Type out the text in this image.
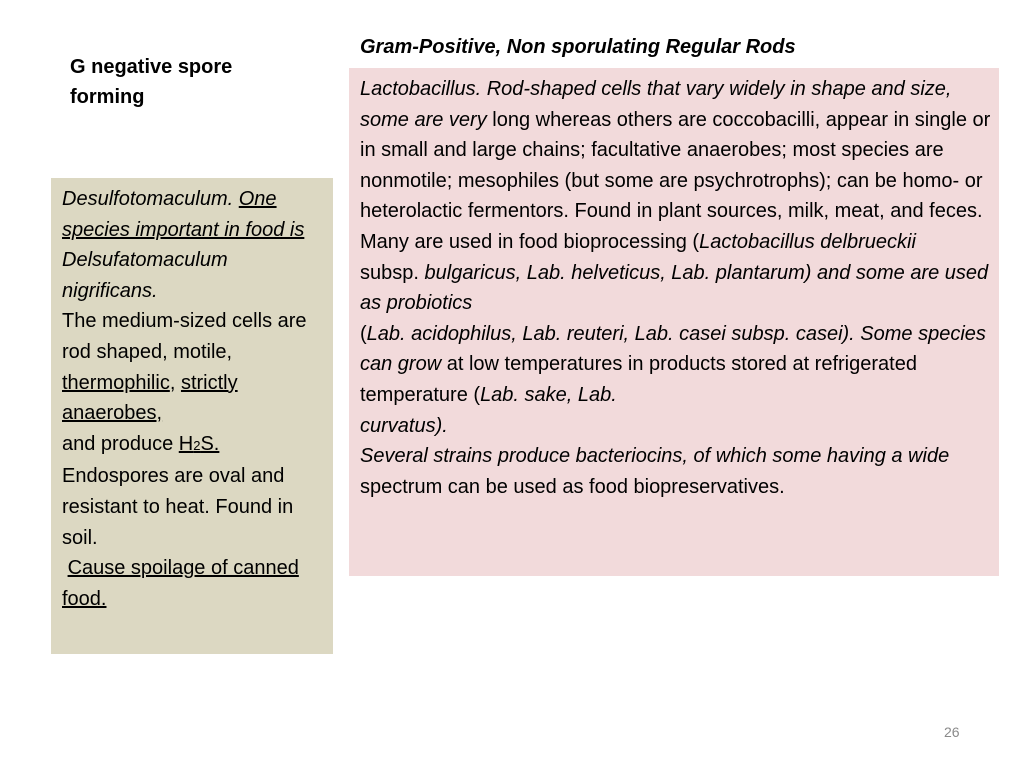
G negative spore forming
Gram-Positive, Non sporulating Regular Rods

Desulfotomaculum. One species important in food is

Delsufatomaculum nigrificans.

The medium-sized cells are rod shaped, motile, thermophilic, strictly anaerobes,

and produce H2S.

Endospores are oval and resistant to heat. Found in soil.

Cause spoilage of canned food.

Lactobacillus. Rod-shaped cells that vary widely in shape and size, some are very long whereas others are coccobacilli, appear in single or in small and large chains; facultative anaerobes; most species are nonmotile; mesophiles (but some are psychrotrophs); can be homo- or heterolactic fermentors. Found in plant sources, milk, meat, and feces. Many are used in food bioprocessing (Lactobacillus delbrueckii

subsp. bulgaricus, Lab. helveticus, Lab. plantarum) and some are used as probiotics

(Lab. acidophilus, Lab. reuteri, Lab. casei subsp. casei). Some species can grow at low temperatures in products stored at refrigerated temperature (Lab. sake, Lab.

curvatus).

Several strains produce bacteriocins, of which some having a wide spectrum can be used as food biopreservatives.

26
